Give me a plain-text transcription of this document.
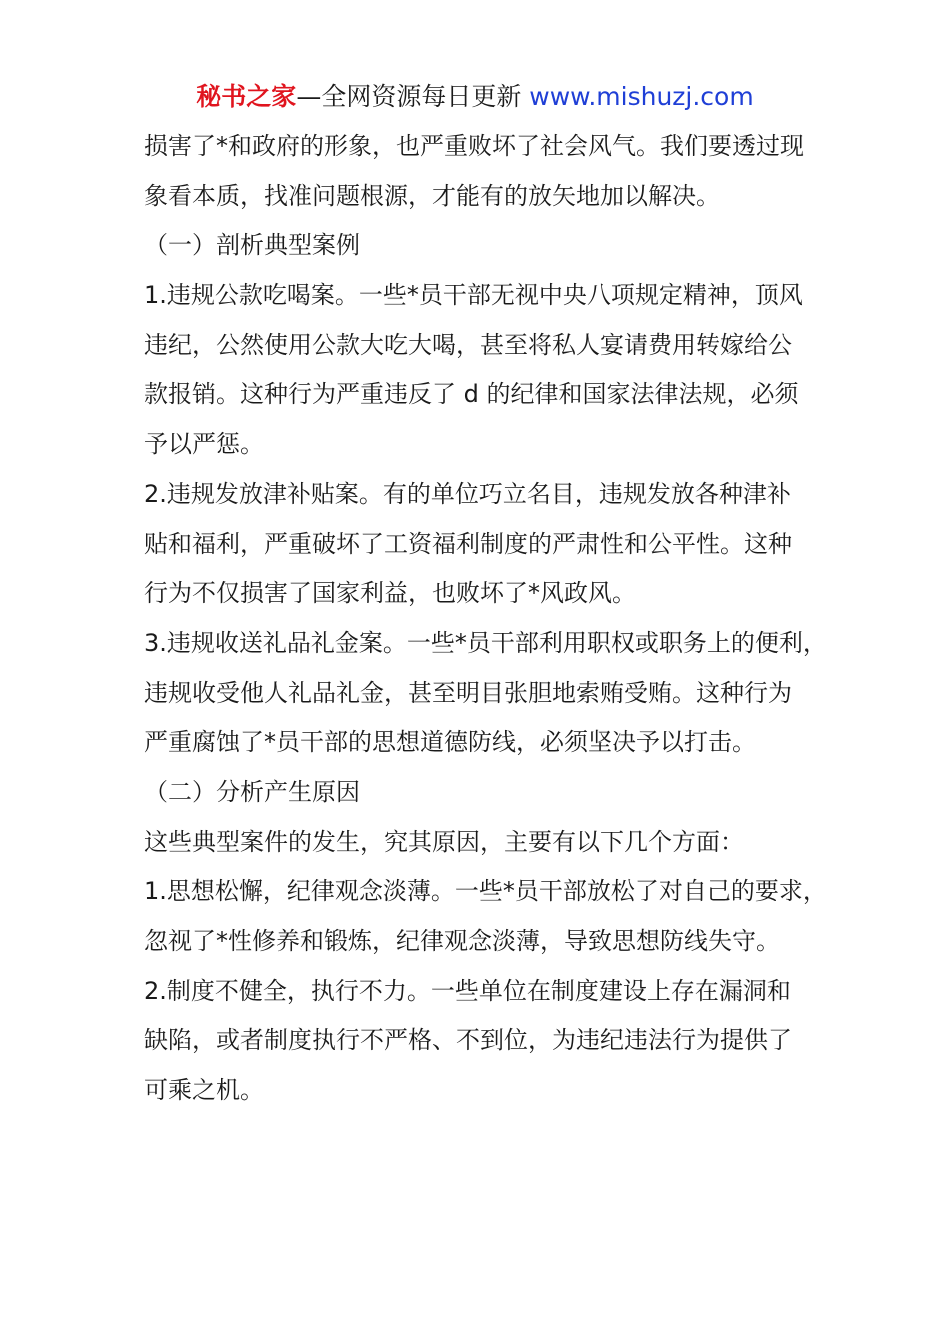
秘书之家—全网资源每日更新 www.mishuzj.com
损害了*和政府的形象，也严重败坏了社会风气。我们要透过现
象看本质，找准问题根源，才能有的放矢地加以解决。
（一）剖析典型案例
1.违规公款吃喝案。一些*员干部无视中央八项规定精神，顶风
违纪，公然使用公款大吃大喝，甚至将私人宴请费用转嫁给公
款报销。这种行为严重违反了 d 的纪律和国家法律法规，必须
予以严惩。
2.违规发放津补贴案。有的单位巧立名目，违规发放各种津补
贴和福利，严重破坏了工资福利制度的严肃性和公平性。这种
行为不仅损害了国家利益，也败坏了*风政风。
3.违规收送礼品礼金案。一些*员干部利用职权或职务上的便利，
违规收受他人礼品礼金，甚至明目张胆地索贿受贿。这种行为
严重腐蚀了*员干部的思想道德防线，必须坚决予以打击。
（二）分析产生原因
这些典型案件的发生，究其原因，主要有以下几个方面：
1.思想松懈，纪律观念淡薄。一些*员干部放松了对自己的要求，
忽视了*性修养和锻炼，纪律观念淡薄，导致思想防线失守。
2.制度不健全，执行不力。一些单位在制度建设上存在漏洞和
缺陷，或者制度执行不严格、不到位，为违纪违法行为提供了
可乘之机。
